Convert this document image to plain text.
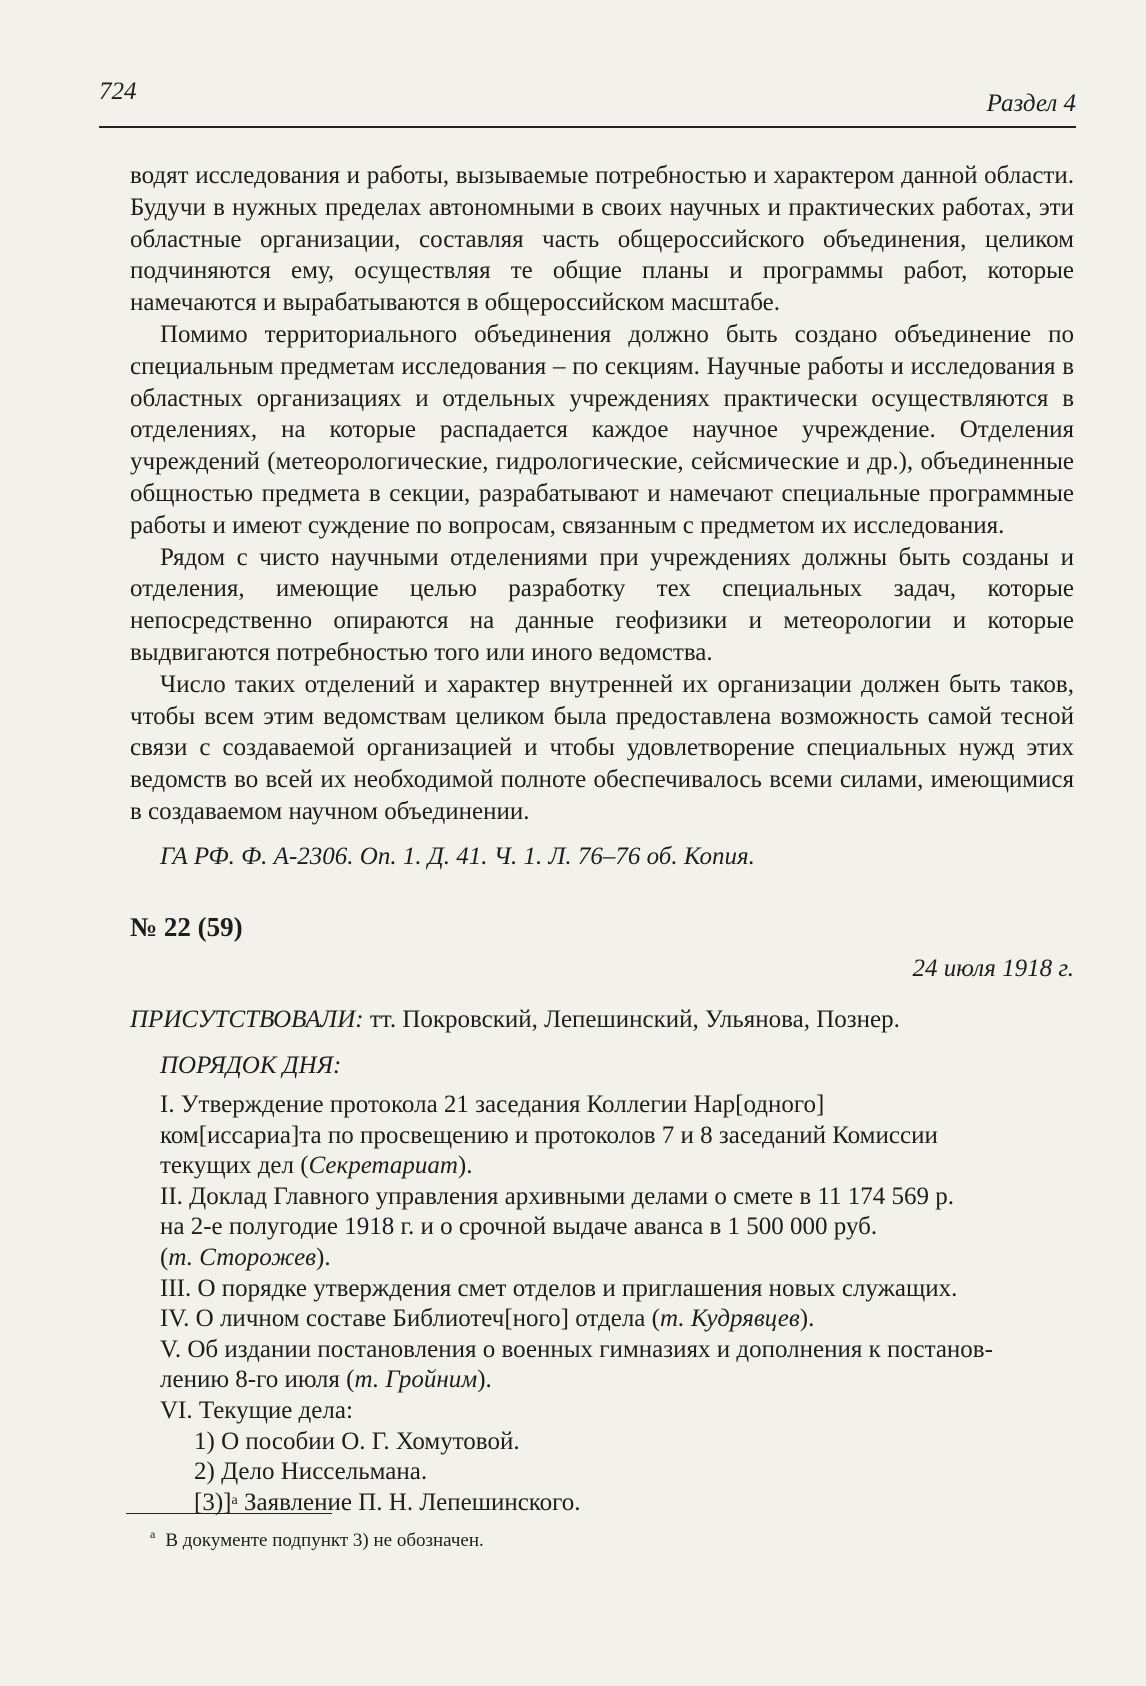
724	Раздел 4

водят исследования и работы, вызываемые потребностью и характером данной области. Будучи в нужных пределах автономными в своих научных и практических работах, эти областные организации, составляя часть общероссийского объединения, целиком подчиняются ему, осуществляя те общие планы и программы работ, которые намечаются и вырабатываются в общероссийском масштабе.

Помимо территориального объединения должно быть создано объединение по специальным предметам исследования – по секциям. Научные работы и исследования в областных организациях и отдельных учреждениях практически осуществляются в отделениях, на которые распадается каждое научное учреждение. Отделения учреждений (метеорологические, гидрологические, сейсмические и др.), объединенные общностью предмета в секции, разрабатывают и намечают специальные программные работы и имеют суждение по вопросам, связанным с предметом их исследования.

Рядом с чисто научными отделениями при учреждениях должны быть созданы и отделения, имеющие целью разработку тех специальных задач, которые непосредственно опираются на данные геофизики и метеорологии и которые выдвигаются потребностью того или иного ведомства.

Число таких отделений и характер внутренней их организации должен быть таков, чтобы всем этим ведомствам целиком была предоставлена возможность самой тесной связи с создаваемой организацией и чтобы удовлетворение специальных нужд этих ведомств во всей их необходимой полноте обеспечивалось всеми силами, имеющимися в создаваемом научном объединении.

ГА РФ. Ф. А-2306. Оп. 1. Д. 41. Ч. 1. Л. 76–76 об. Копия.
№ 22 (59)
24 июля 1918 г.
ПРИСУТСТВОВАЛИ: тт. Покровский, Лепешинский, Ульянова, Познер.
ПОРЯДОК ДНЯ:
I. Утверждение протокола 21 заседания Коллегии Нар[одного]
ком[иссариа]та по просвещению и протоколов 7 и 8 заседаний Комиссии
текущих дел (Секретариат).
II. Доклад Главного управления архивными делами о смете в 11 174 569 р.
на 2-е полугодие 1918 г. и о срочной выдаче аванса в 1 500 000 руб.
(т. Сторожев).
III. О порядке утверждения смет отделов и приглашения новых служащих.
IV. О личном составе Библиотеч[ного] отдела (т. Кудрявцев).
V. Об издании постановления о военных гимназиях и дополнения к постанов-
лению 8-го июля (т. Гройним).
VI. Текущие дела:
1) О пособии О. Г. Хомутовой.
2) Дело Ниссельмана.
$[3)]^а$ Заявление П. Н. Лепешинского.
$^а$ В документе подпункт 3) не обозначен.
